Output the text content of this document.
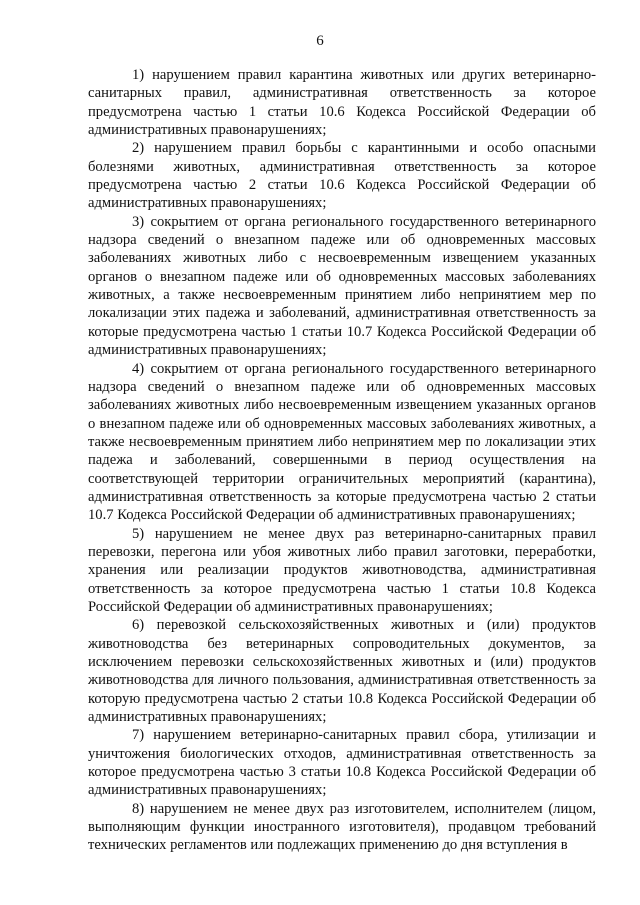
6

1) нарушением правил карантина животных или других ветеринарно-санитарных правил, административная ответственность за которое предусмотрена частью 1 статьи 10.6 Кодекса Российской Федерации об административных правонарушениях;

2) нарушением правил борьбы с карантинными и особо опасными болезнями животных, административная ответственность за которое предусмотрена частью 2 статьи 10.6 Кодекса Российской Федерации об административных правонарушениях;

3) сокрытием от органа регионального государственного ветеринарного надзора сведений о внезапном падеже или об одновременных массовых заболеваниях животных либо с несвоевременным извещением указанных органов о внезапном падеже или об одновременных массовых заболеваниях животных, а также несвоевременным принятием либо непринятием мер по локализации этих падежа и заболеваний, административная ответственность за которые предусмотрена частью 1 статьи 10.7 Кодекса Российской Федерации об административных правонарушениях;

4) сокрытием от органа регионального государственного ветеринарного надзора сведений о внезапном падеже или об одновременных массовых заболеваниях животных либо несвоевременным извещением указанных органов о внезапном падеже или об одновременных массовых заболеваниях животных, а также несвоевременным принятием либо непринятием мер по локализации этих падежа и заболеваний, совершенными в период осуществления на соответствующей территории ограничительных мероприятий (карантина), административная ответственность за которые предусмотрена частью 2 статьи 10.7 Кодекса Российской Федерации об административных правонарушениях;

5) нарушением не менее двух раз ветеринарно-санитарных правил перевозки, перегона или убоя животных либо правил заготовки, переработки, хранения или реализации продуктов животноводства, административная ответственность за которое предусмотрена частью 1 статьи 10.8 Кодекса Российской Федерации об административных правонарушениях;

6) перевозкой сельскохозяйственных животных и (или) продуктов животноводства без ветеринарных сопроводительных документов, за исключением перевозки сельскохозяйственных животных и (или) продуктов животноводства для личного пользования, административная ответственность за которую предусмотрена частью 2 статьи 10.8 Кодекса Российской Федерации об административных правонарушениях;

7) нарушением ветеринарно-санитарных правил сбора, утилизации и уничтожения биологических отходов, административная ответственность за которое предусмотрена частью 3 статьи 10.8 Кодекса Российской Федерации об административных правонарушениях;

8) нарушением не менее двух раз изготовителем, исполнителем (лицом, выполняющим функции иностранного изготовителя), продавцом требований технических регламентов или подлежащих применению до дня вступления в
